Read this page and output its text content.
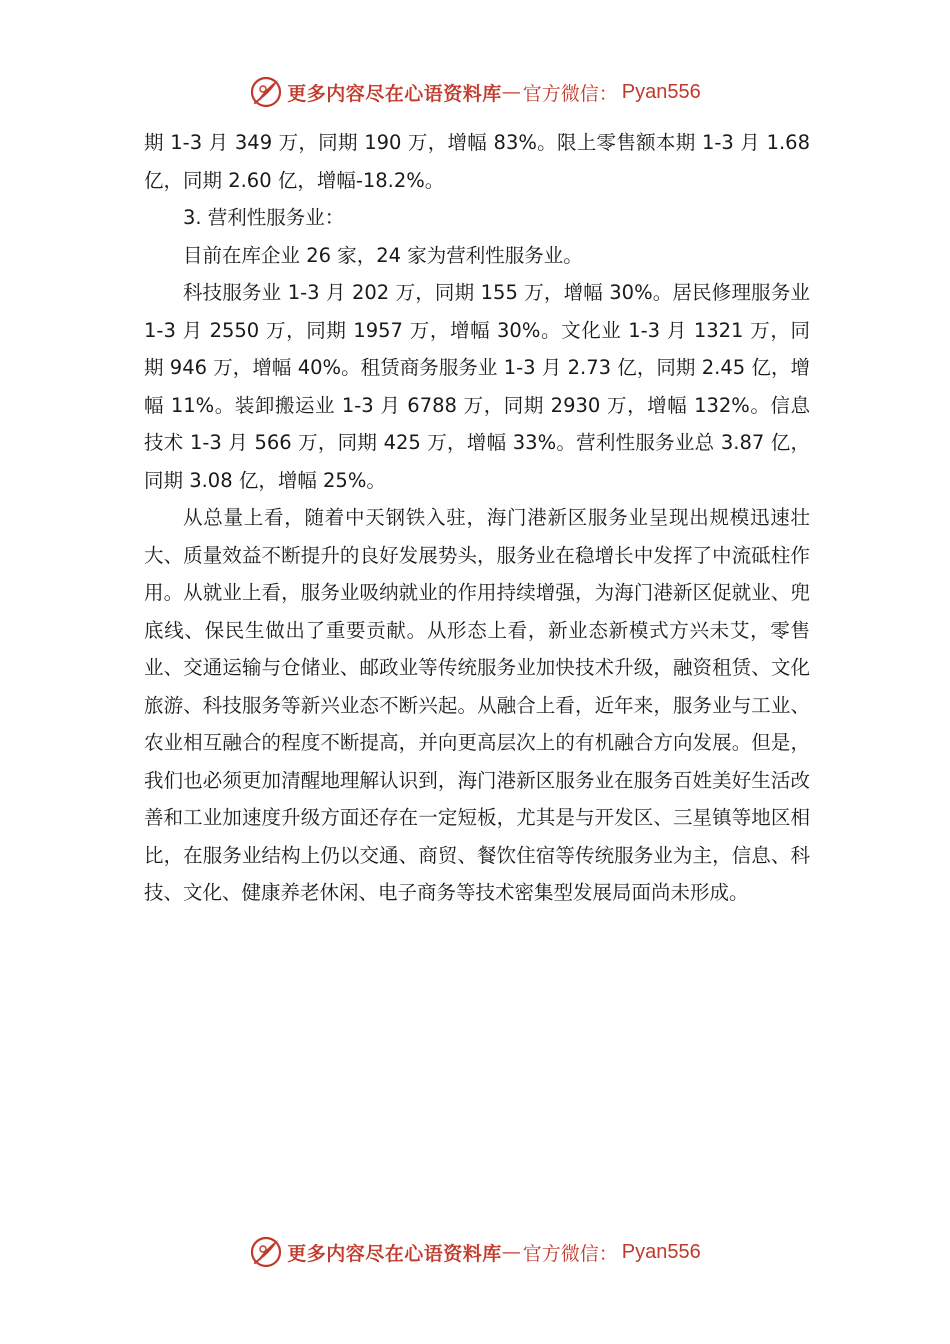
更多内容尽在心语资料库 — 官方微信： Pyan556

期 1-3 月 349 万，同期 190 万，增幅 83%。限上零售额本期 1-3 月 1.68 亿，同期 2.60 亿，增幅-18.2%。

3. 营利性服务业：

目前在库企业 26 家，24 家为营利性服务业。

科技服务业 1-3 月 202 万，同期 155 万，增幅 30%。居民修理服务业 1-3 月 2550 万，同期 1957 万，增幅 30%。文化业 1-3 月 1321 万，同期 946 万，增幅 40%。租赁商务服务业 1-3 月 2.73 亿，同期 2.45 亿，增幅 11%。装卸搬运业 1-3 月 6788 万，同期 2930 万，增幅 132%。信息技术 1-3 月 566 万，同期 425 万，增幅 33%。营利性服务业总 3.87 亿，同期 3.08 亿，增幅 25%。

从总量上看，随着中天钢铁入驻，海门港新区服务业呈现出规模迅速壮大、质量效益不断提升的良好发展势头，服务业在稳增长中发挥了中流砥柱作用。从就业上看，服务业吸纳就业的作用持续增强，为海门港新区促就业、兜底线、保民生做出了重要贡献。从形态上看，新业态新模式方兴未艾，零售业、交通运输与仓储业、邮政业等传统服务业加快技术升级，融资租赁、文化旅游、科技服务等新兴业态不断兴起。从融合上看，近年来，服务业与工业、农业相互融合的程度不断提高，并向更高层次上的有机融合方向发展。但是，我们也必须更加清醒地理解认识到，海门港新区服务业在服务百姓美好生活改善和工业加速度升级方面还存在一定短板，尤其是与开发区、三星镇等地区相比，在服务业结构上仍以交通、商贸、餐饮住宿等传统服务业为主，信息、科技、文化、健康养老休闲、电子商务等技术密集型发展局面尚未形成。

更多内容尽在心语资料库 — 官方微信： Pyan556
